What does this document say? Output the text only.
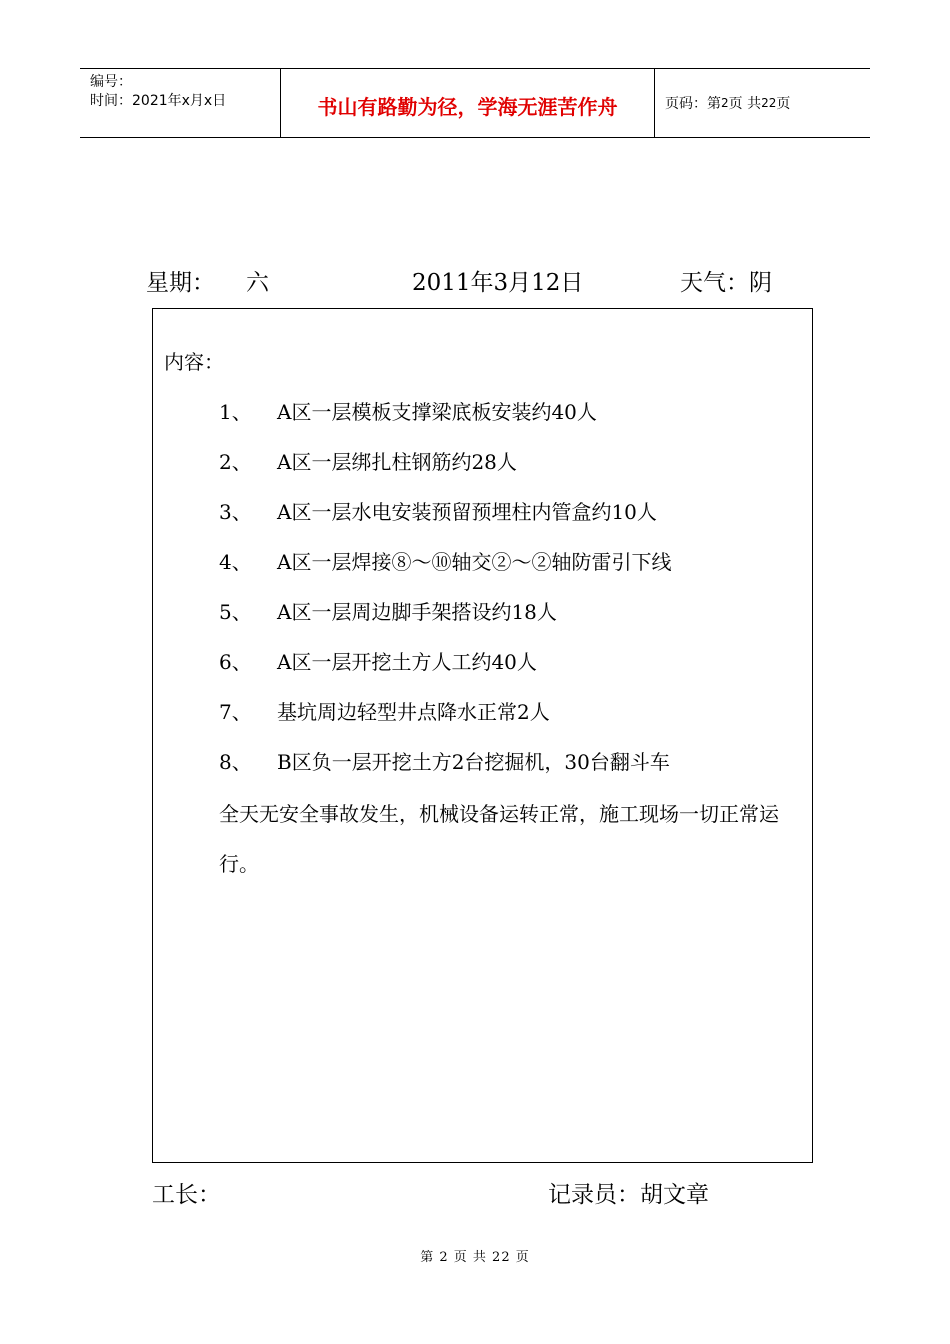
编号：
时间：2021年x月x日	书山有路勤为径，学海无涯苦作舟	页码：第 2 页 共 22 页
星期： 六	2011年3月12日	天气：阴
内容：
1、 A区一层模板支撑梁底板安装约40人
2、 A区一层绑扎柱钢筋约28人
3、 A区一层水电安装预留预埋柱内管盒约10人
4、 A区一层焊接⑧～⑩轴交②～②轴防雷引下线
5、 A区一层周边脚手架搭设约18人
6、 A区一层开挖土方人工约40人
7、 基坑周边轻型井点降水正常2人
8、 B区负一层开挖土方2台挖掘机，30台翻斗车
全天无安全事故发生，机械设备运转正常，施工现场一切正常运行。
工长：	记录员：胡文章
第 2 页 共 22 页
